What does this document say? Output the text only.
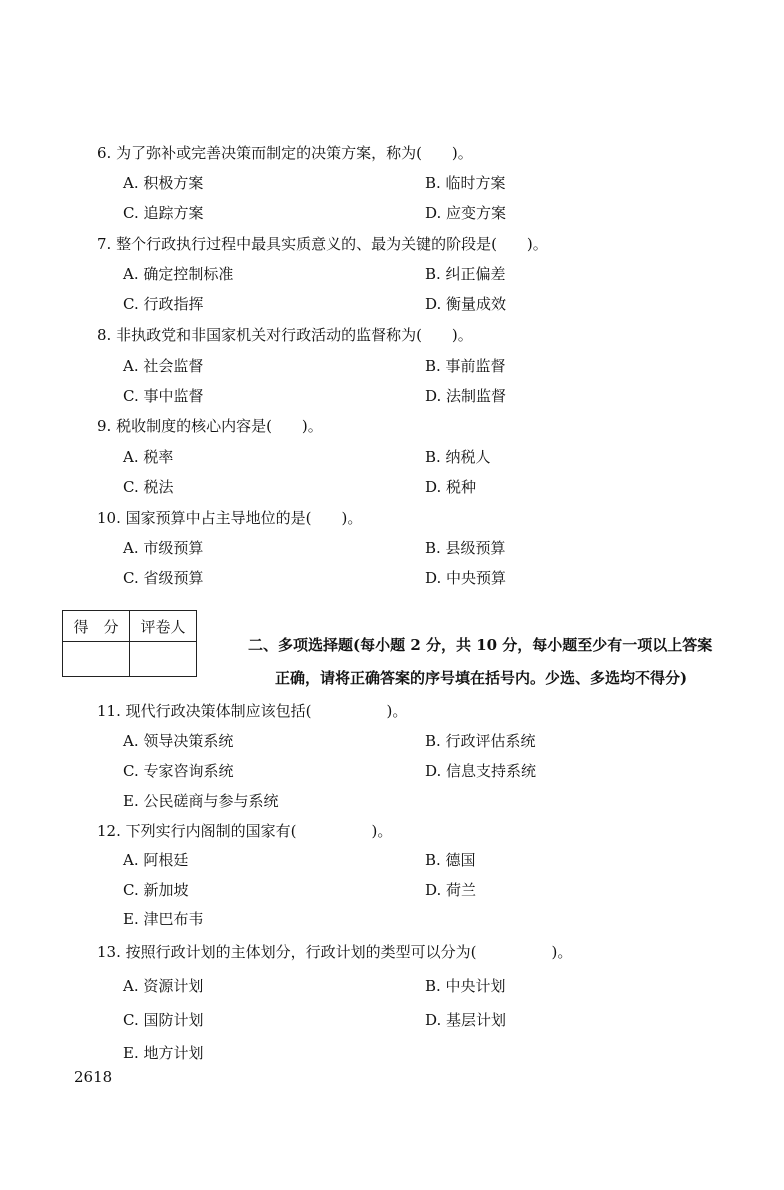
6. 为了弥补或完善决策而制定的决策方案，称为(　　)。
A. 积极方案	B. 临时方案
C. 追踪方案	D. 应变方案
7. 整个行政执行过程中最具实质意义的、最为关键的阶段是(　　)。
A. 确定控制标准	B. 纠正偏差
C. 行政指挥	D. 衡量成效
8. 非执政党和非国家机关对行政活动的监督称为(　　)。
A. 社会监督	B. 事前监督
C. 事中监督	D. 法制监督
9. 税收制度的核心内容是(　　)。
A. 税率	B. 纳税人
C. 税法	D. 税种
10. 国家预算中占主导地位的是(　　)。
A. 市级预算	B. 县级预算
C. 省级预算	D. 中央预算
得　分	评卷人

二、多项选择题(每小题 2 分，共 10 分，每小题至少有一项以上答案
正确，请将正确答案的序号填在括号内。少选、多选均不得分)
11. 现代行政决策体制应该包括(　　　　　)。
A. 领导决策系统	B. 行政评估系统
C. 专家咨询系统	D. 信息支持系统
E. 公民磋商与参与系统
12. 下列实行内阁制的国家有(　　　　　)。
A. 阿根廷	B. 德国
C. 新加坡	D. 荷兰
E. 津巴布韦
13. 按照行政计划的主体划分，行政计划的类型可以分为(　　　　　)。
A. 资源计划	B. 中央计划
C. 国防计划	D. 基层计划
E. 地方计划
2618
